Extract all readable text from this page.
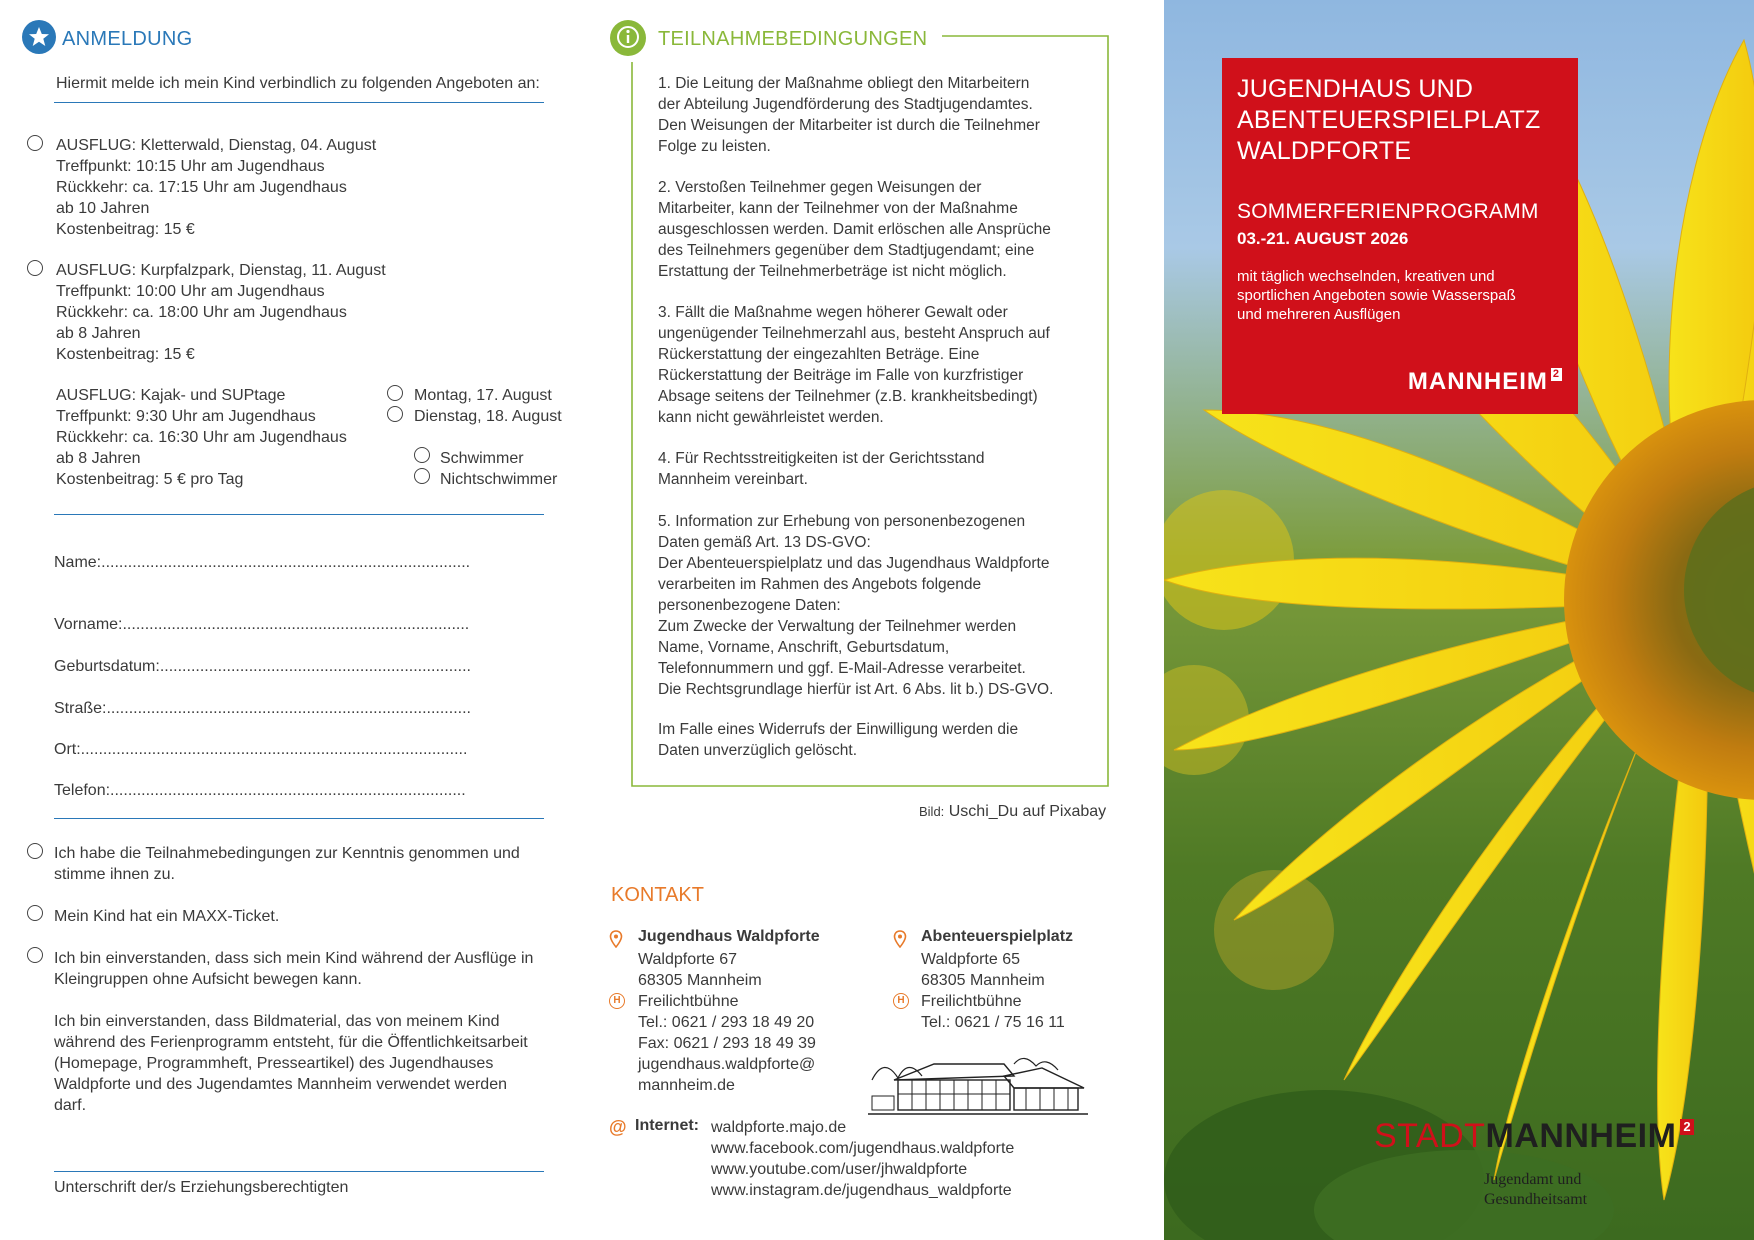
ANMELDUNG
Hiermit melde ich mein Kind verbindlich zu folgenden Angeboten an:
AUSFLUG: Kletterwald, Dienstag, 04. August
Treffpunkt: 10:15 Uhr am Jugendhaus
Rückkehr: ca. 17:15 Uhr am Jugendhaus
ab 10 Jahren
Kostenbeitrag: 15 €
AUSFLUG: Kurpfalzpark, Dienstag, 11. August
Treffpunkt: 10:00 Uhr am Jugendhaus
Rückkehr: ca. 18:00 Uhr am Jugendhaus
ab 8 Jahren
Kostenbeitrag: 15 €
AUSFLUG: Kajak- und SUPtage
Treffpunkt: 9:30 Uhr am Jugendhaus
Rückkehr: ca. 16:30 Uhr am Jugendhaus
ab 8 Jahren
Kostenbeitrag: 5 € pro Tag
Montag, 17. August
Dienstag, 18. August
Schwimmer
Nichtschwimmer
Name:...................................................................................
Vorname:..............................................................................
Geburtsdatum:......................................................................
Straße:..................................................................................
Ort:.......................................................................................
Telefon:................................................................................
Ich habe die Teilnahmebedingungen zur Kenntnis genommen und
stimme ihnen zu.
Mein Kind hat ein MAXX-Ticket.
Ich bin einverstanden, dass sich mein Kind während der Ausflüge in
Kleingruppen ohne Aufsicht bewegen kann.
Ich bin einverstanden, dass Bildmaterial, das von meinem Kind
während des Ferienprogramm entsteht, für die Öffentlichkeitsarbeit
(Homepage, Programmheft, Presseartikel) des Jugendhauses
Waldpforte und des Jugendamtes Mannheim verwendet werden
darf.
Unterschrift der/s Erziehungsberechtigten
TEILNAHMEBEDINGUNGEN
1. Die Leitung der Maßnahme obliegt den Mitarbeitern
der Abteilung Jugendförderung des Stadtjugendamtes.
Den Weisungen der Mitarbeiter ist durch die Teilnehmer
Folge zu leisten.
2. Verstoßen Teilnehmer gegen Weisungen der
Mitarbeiter, kann der Teilnehmer von der Maßnahme
ausgeschlossen werden. Damit erlöschen alle Ansprüche
des Teilnehmers gegenüber dem Stadtjugendamt; eine
Erstattung der Teilnehmerbeträge ist nicht möglich.
3. Fällt die Maßnahme wegen höherer Gewalt oder
ungenügender Teilnehmerzahl aus, besteht Anspruch auf
Rückerstattung der eingezahlten Beträge. Eine
Rückerstattung der Beiträge im Falle von kurzfristiger
Absage seitens der Teilnehmer (z.B. krankheitsbedingt)
kann nicht gewährleistet werden.
4. Für Rechtsstreitigkeiten ist der Gerichtsstand
Mannheim vereinbart.
5. Information zur Erhebung von personenbezogenen
Daten gemäß Art. 13 DS-GVO:
Der Abenteuerspielplatz und das Jugendhaus Waldpforte
verarbeiten im Rahmen des Angebots folgende
personenbezogene Daten:
Zum Zwecke der Verwaltung der Teilnehmer werden
Name, Vorname, Anschrift, Geburtsdatum,
Telefonnummern und ggf. E-Mail-Adresse verarbeitet.
Die Rechtsgrundlage hierfür ist Art. 6 Abs. lit b.) DS-GVO.
Im Falle eines Widerrufs der Einwilligung werden die
Daten unverzüglich gelöscht.
Bild: Uschi_Du auf Pixabay
KONTAKT
Jugendhaus Waldpforte
Waldpforte 67
68305 Mannheim
H Freilichtbühne
Tel.: 0621 / 293 18 49 20
Fax: 0621 / 293 18 49 39
jugendhaus.waldpforte@
mannheim.de
Abenteuerspielplatz
Waldpforte 65
68305 Mannheim
H Freilichtbühne
Tel.: 0621 / 75 16 11
@ Internet: waldpforte.majo.de
www.facebook.com/jugendhaus.waldpforte
www.youtube.com/user/jhwaldpforte
www.instagram.de/jugendhaus_waldpforte
JUGENDHAUS UND
ABENTEUERSPIELPLATZ
WALDPFORTE
SOMMERFERIENPROGRAMM
03.-21. AUGUST 2026
mit täglich wechselnden, kreativen und
sportlichen Angeboten sowie Wasserspaß
und mehreren Ausflügen
MANNHEIM 2
STADTMANNHEIM 2
Jugendamt und
Gesundheitsamt
